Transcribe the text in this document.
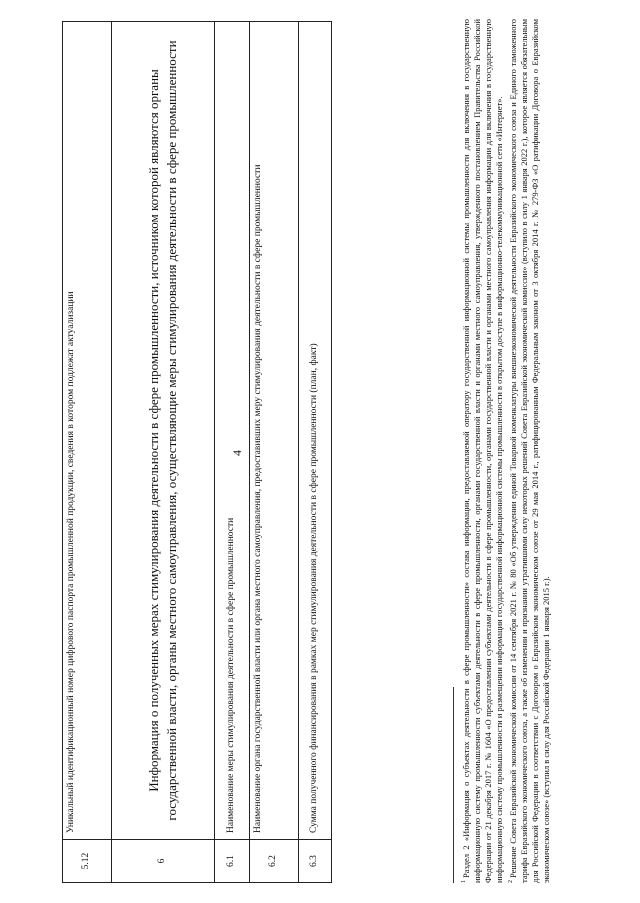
4
5.12	Уникальный идентификационный номер цифрового паспорта промышленной продукции, сведения в котором подлежат актуализации
6	Информация о полученных мерах стимулирования деятельности в сфере промышленности, источником которой являются органы государственной власти, органы местного самоуправления, осуществляющие меры стимулирования деятельности в сфере промышленности
6.1	Наименование меры стимулирования деятельности в сфере промышленности
6.2	Наименование органа государственной власти или органа местного самоуправления, предоставивших меру стимулирования деятельности в сфере промышленности
6.3	Сумма полученного финансирования в рамках мер стимулирования деятельности в сфере промышленности (план, факт)

$^1$Раздел 2 «Информация о субъектах деятельности в сфере промышленности» состава информации, предоставляемой оператору государственной информационной системы промышленности для включения в государственную информационную систему промышленности субъектами деятельности в сфере промышленности, органами государственной власти и органами местного самоуправления, утвержденного постановлением Правительства Российской Федерации от 21 декабря 2017 г. № 1604 «О предоставлении субъектами деятельности в сфере промышленности, органами государственной власти и органами местного самоуправления информации для включения в государственную информационную систему промышленности и размещении информации государственной информационной системы промышленности в открытом доступе в информационно-телекоммуникационной сети «Интернет». $^2$Решение Совета Евразийской экономической комиссии от 14 сентября 2021 г. № 80 «Об утверждении единой Товарной номенклатуры внешнеэкономической деятельности Евразийского экономического союза и Единого таможенного тарифа Евразийского экономического союза, а также об изменении и признании утратившими силу некоторых решений Совета Евразийской экономической комиссии» (вступило в силу 1 января 2022 г.), которое является обязательным для Российской Федерации в соответствии с Договором о Евразийском экономическом союзе от 29 мая 2014 г., ратифицированным Федеральным законом от 3 октября 2014 г. № 279-ФЗ «О ратификации Договора о Евразийском экономическом союзе» (вступил в силу для Российской Федерации 1 января 2015 г.).
